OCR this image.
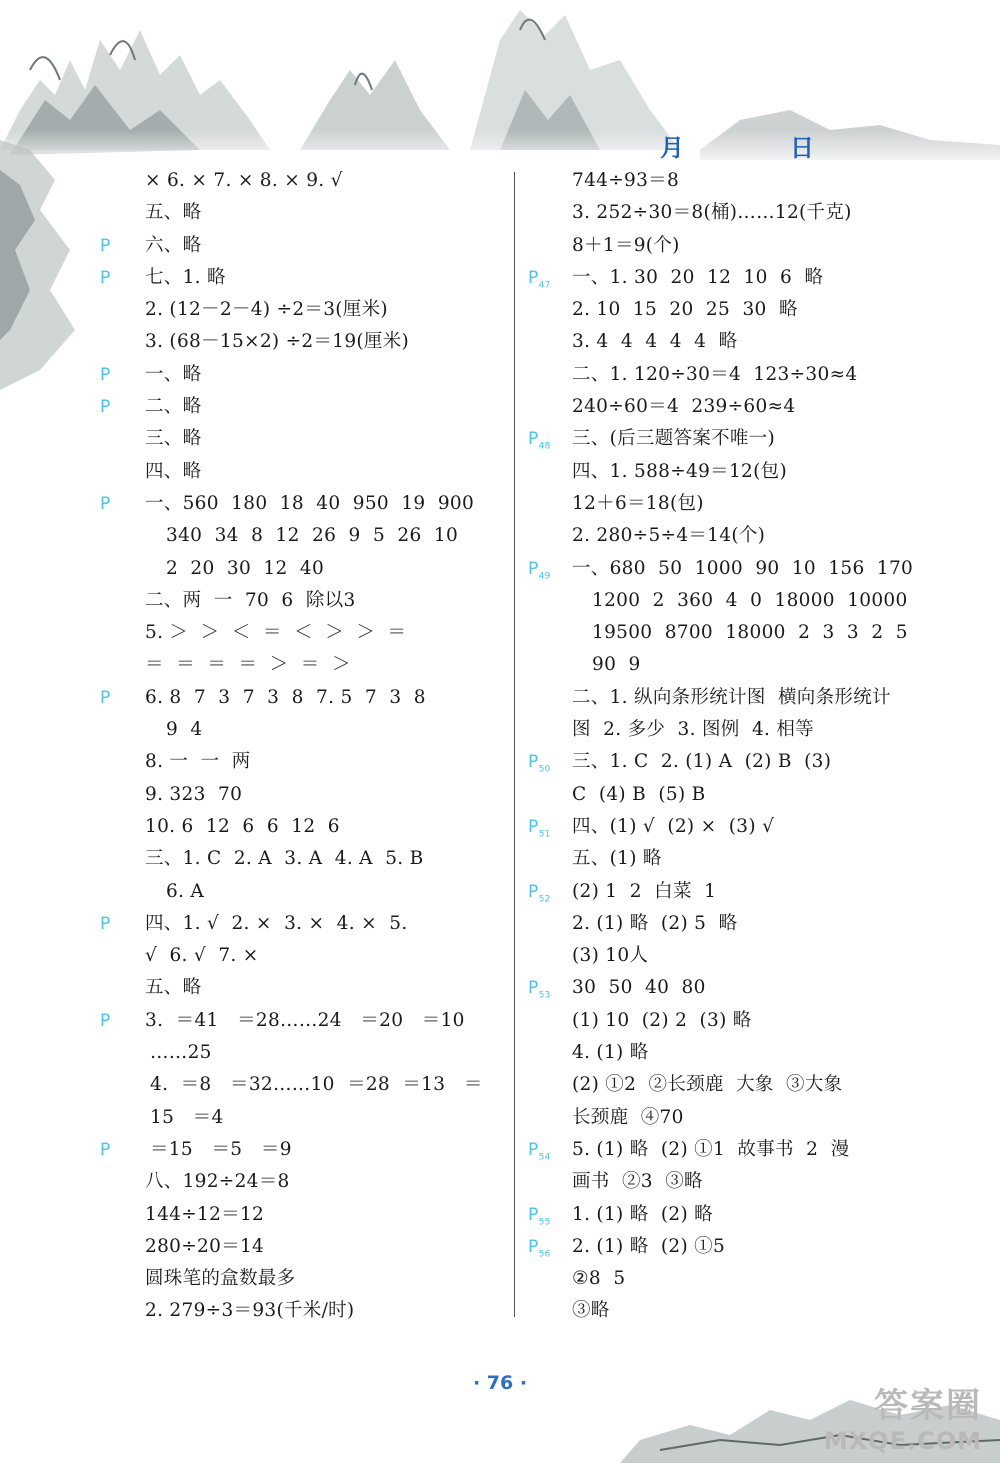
月	日
× 6. × 7. × 8. × 9. √
五、略
P 六、略
P 七、1. 略
2. (12－2－4) ÷2＝3(厘米)
3. (68－15×2) ÷2＝19(厘米)
P 一、略
P 二、略
三、略
四、略
P 一、560  180  18  40  950  19  900
340  34  8  12  26  9  5  26  10
2  20  30  12  40
二、两  一  70  6  除以3
5. ＞  ＞  ＜  ＝  ＜  ＞  ＞  ＝
＝  ＝  ＝  ＝  ＞  ＝  ＞
P 6. 8  7  3  7  3  8  7. 5  7  3  8
9  4
8. 一  一  两
9. 323  70
10. 6  12  6  6  12  6
三、1. C  2. A  3. A  4. A  5. B
6. A
P 四、1. √  2. ×  3. ×  4. ×  5.
√  6. √  7. ×
五、略
P 3.  ＝41   ＝28……24   ＝20   ＝10
……25
4.  ＝8   ＝32……10  ＝28  ＝13   ＝
15   ＝4
P ＝15   ＝5   ＝9
八、192÷24＝8
144÷12＝12
280÷20＝14
圆珠笔的盒数最多
2. 279÷3＝93(千米/时)
744÷93＝8
3. 252÷30＝8(桶)……12(千克)
8＋1＝9(个)
$P_{47}$ 一、1. 30  20  12  10  6  略
2. 10  15  20  25  30  略
3. 4  4  4  4  4  略
二、1. 120÷30＝4  123÷30≈4
240÷60＝4  239÷60≈4
$P_{48}$ 三、(后三题答案不唯一)
四、1. 588÷49＝12(包)
12＋6＝18(包)
2. 280÷5÷4＝14(个)
$P_{49}$ 一、680  50  1000  90  10  156  170
1200  2  360  4  0  18000  10000
19500  8700  18000  2  3  3  2  5
90  9
二、1. 纵向条形统计图  横向条形统计
图  2. 多少  3. 图例  4. 相等
$P_{50}$ 三、1. C  2. (1) A  (2) B  (3)
C  (4) B  (5) B
$P_{51}$ 四、(1) √  (2) ×  (3) √
五、(1) 略
$P_{52}$ (2) 1  2  白菜  1
2. (1) 略  (2) 5  略
(3) 10人
$P_{53}$ 30  50  40  80
(1) 10  (2) 2  (3) 略
4. (1) 略
(2) ①2  ②长颈鹿  大象  ③大象
长颈鹿  ④70
$P_{54}$ 5. (1) 略  (2) ①1  故事书  2  漫
画书  ②3  ③略
$P_{55}$ 1. (1) 略  (2) 略
$P_{56}$ 2. (1) 略  (2) ①5
②8  5
③略
· 76 ·
答案圈
MXQE.COM
